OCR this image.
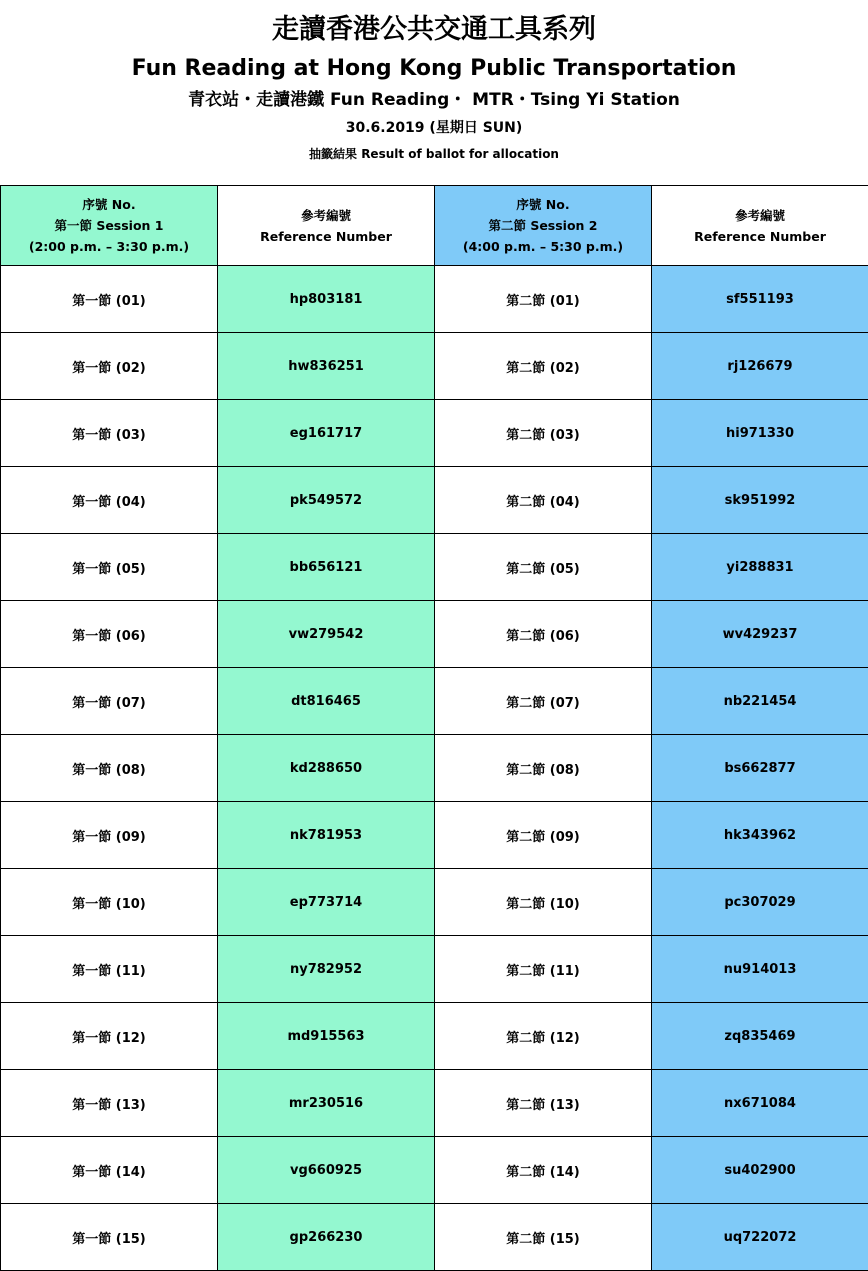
走讀香港公共交通工具系列
Fun Reading at Hong Kong Public Transportation
青衣站・走讀港鐵 Fun Reading・ MTR・Tsing Yi Station
30.6.2019 (星期日 SUN)
抽籤結果 Result of ballot for allocation
序號 No.
第一節 Session 1
(2:00 p.m. – 3:30 p.m.)	參考編號
Reference Number	序號 No.
第二節 Session 2
(4:00 p.m. – 5:30 p.m.)	參考編號
Reference Number

第一節 (01)	hp803181	第二節 (01)	sf551193
第一節 (02)	hw836251	第二節 (02)	rj126679
第一節 (03)	eg161717	第二節 (03)	hi971330
第一節 (04)	pk549572	第二節 (04)	sk951992
第一節 (05)	bb656121	第二節 (05)	yi288831
第一節 (06)	vw279542	第二節 (06)	wv429237
第一節 (07)	dt816465	第二節 (07)	nb221454
第一節 (08)	kd288650	第二節 (08)	bs662877
第一節 (09)	nk781953	第二節 (09)	hk343962
第一節 (10)	ep773714	第二節 (10)	pc307029
第一節 (11)	ny782952	第二節 (11)	nu914013
第一節 (12)	md915563	第二節 (12)	zq835469
第一節 (13)	mr230516	第二節 (13)	nx671084
第一節 (14)	vg660925	第二節 (14)	su402900
第一節 (15)	gp266230	第二節 (15)	uq722072
